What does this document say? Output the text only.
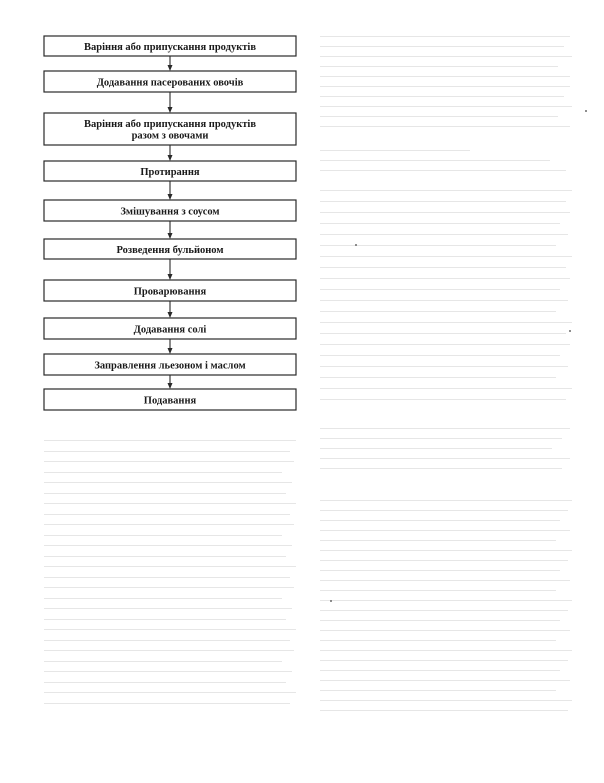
Варіння або припускання продуктів
Додавання пасерованих овочів
Варіння або припускання продуктів
разом з овочами
Протирання
Змішування з соусом
Розведення бульйоном
Проварювання
Додавання солі
Заправлення льезоном і маслом
Подавання
